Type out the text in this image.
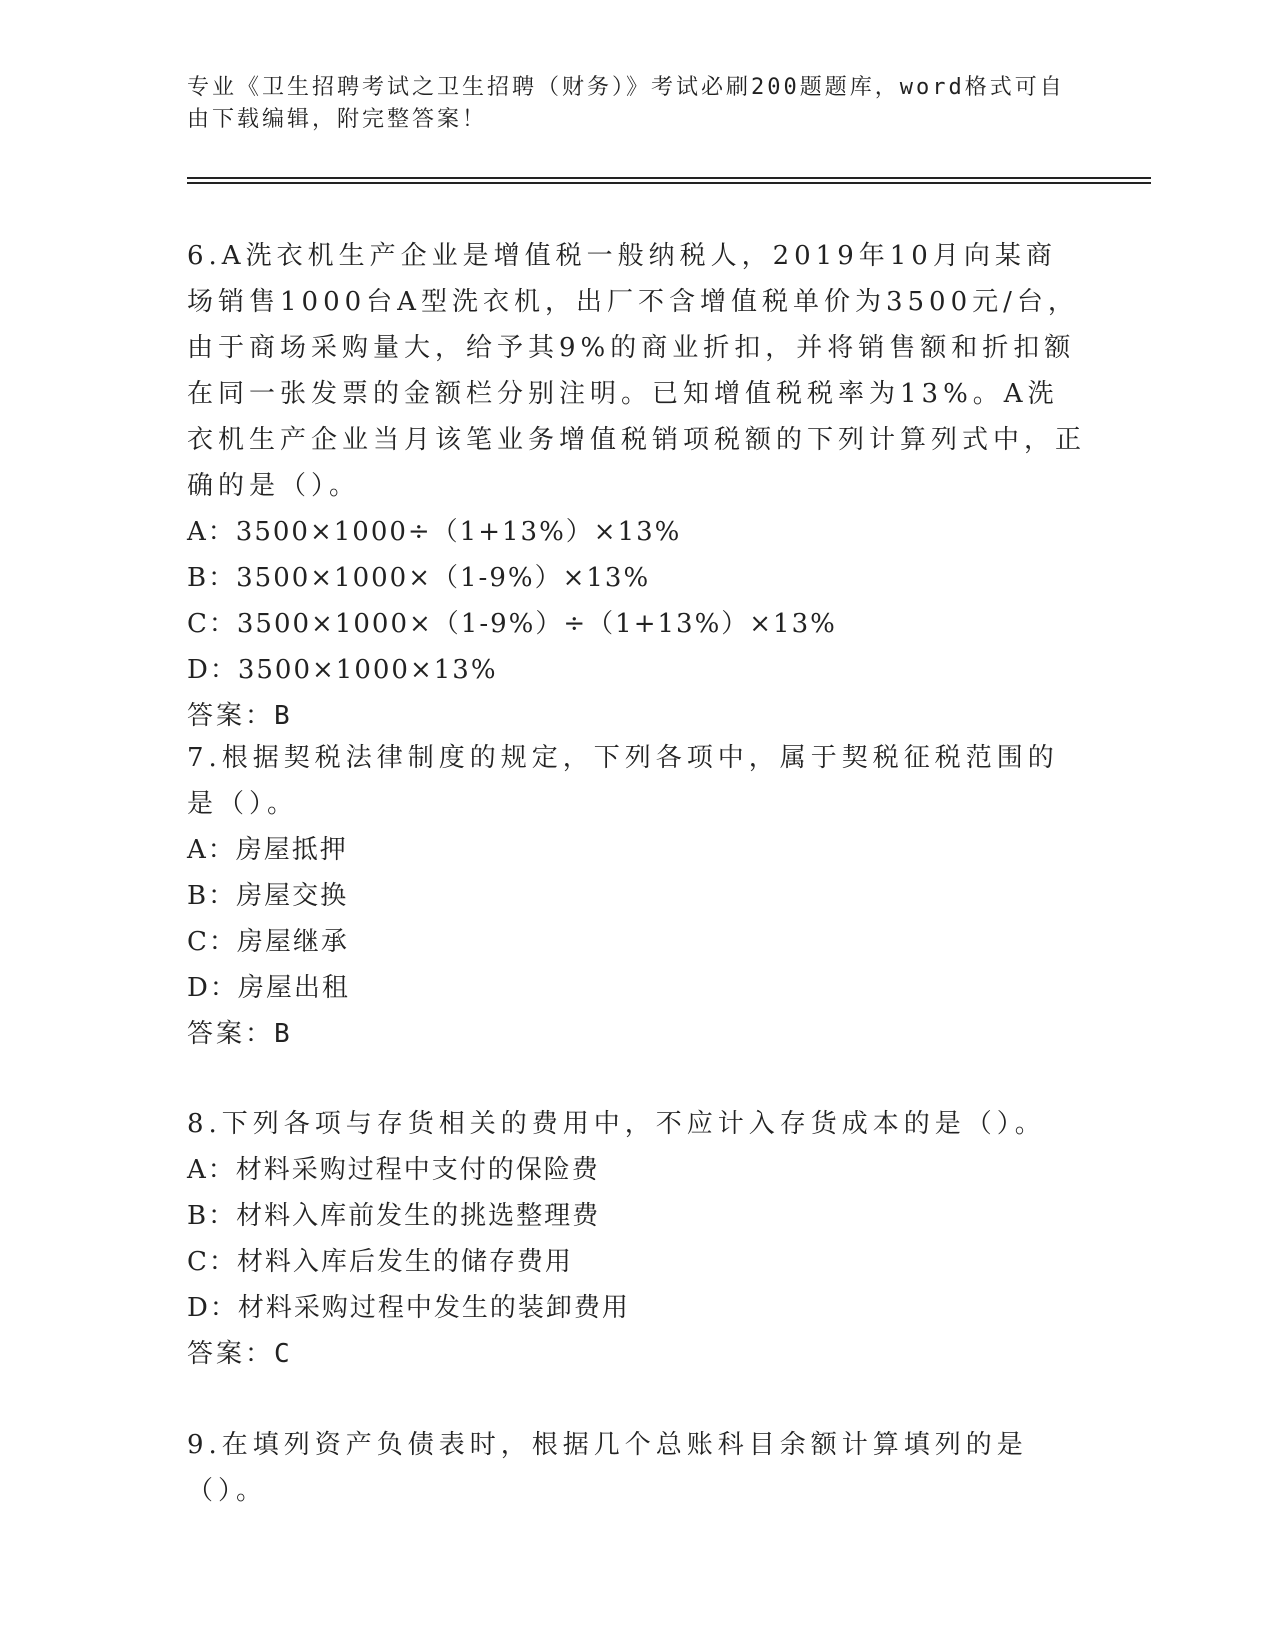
专业《卫生招聘考试之卫生招聘（财务）》考试必刷200题题库，word格式可自
由下载编辑，附完整答案！

6.A洗衣机生产企业是增值税一般纳税人，2019年10月向某商场销售1000台A型洗衣机，出厂不含增值税单价为3500元/台，由于商场采购量大，给予其9%的商业折扣，并将销售额和折扣额在同一张发票的金额栏分别注明。已知增值税税率为13%。A洗衣机生产企业当月该笔业务增值税销项税额的下列计算列式中，正确的是（）。

A：3500×1000÷（1+13%）×13%

B：3500×1000×（1-9%）×13%

C：3500×1000×（1-9%）÷（1+13%）×13%

D：3500×1000×13%

答案：B

7.根据契税法律制度的规定，下列各项中，属于契税征税范围的是（）。

A：房屋抵押

B：房屋交换

C：房屋继承

D：房屋出租

答案：B

8.下列各项与存货相关的费用中，不应计入存货成本的是（）。

A：材料采购过程中支付的保险费

B：材料入库前发生的挑选整理费

C：材料入库后发生的储存费用

D：材料采购过程中发生的装卸费用

答案：C

9.在填列资产负债表时，根据几个总账科目余额计算填列的是（）。
